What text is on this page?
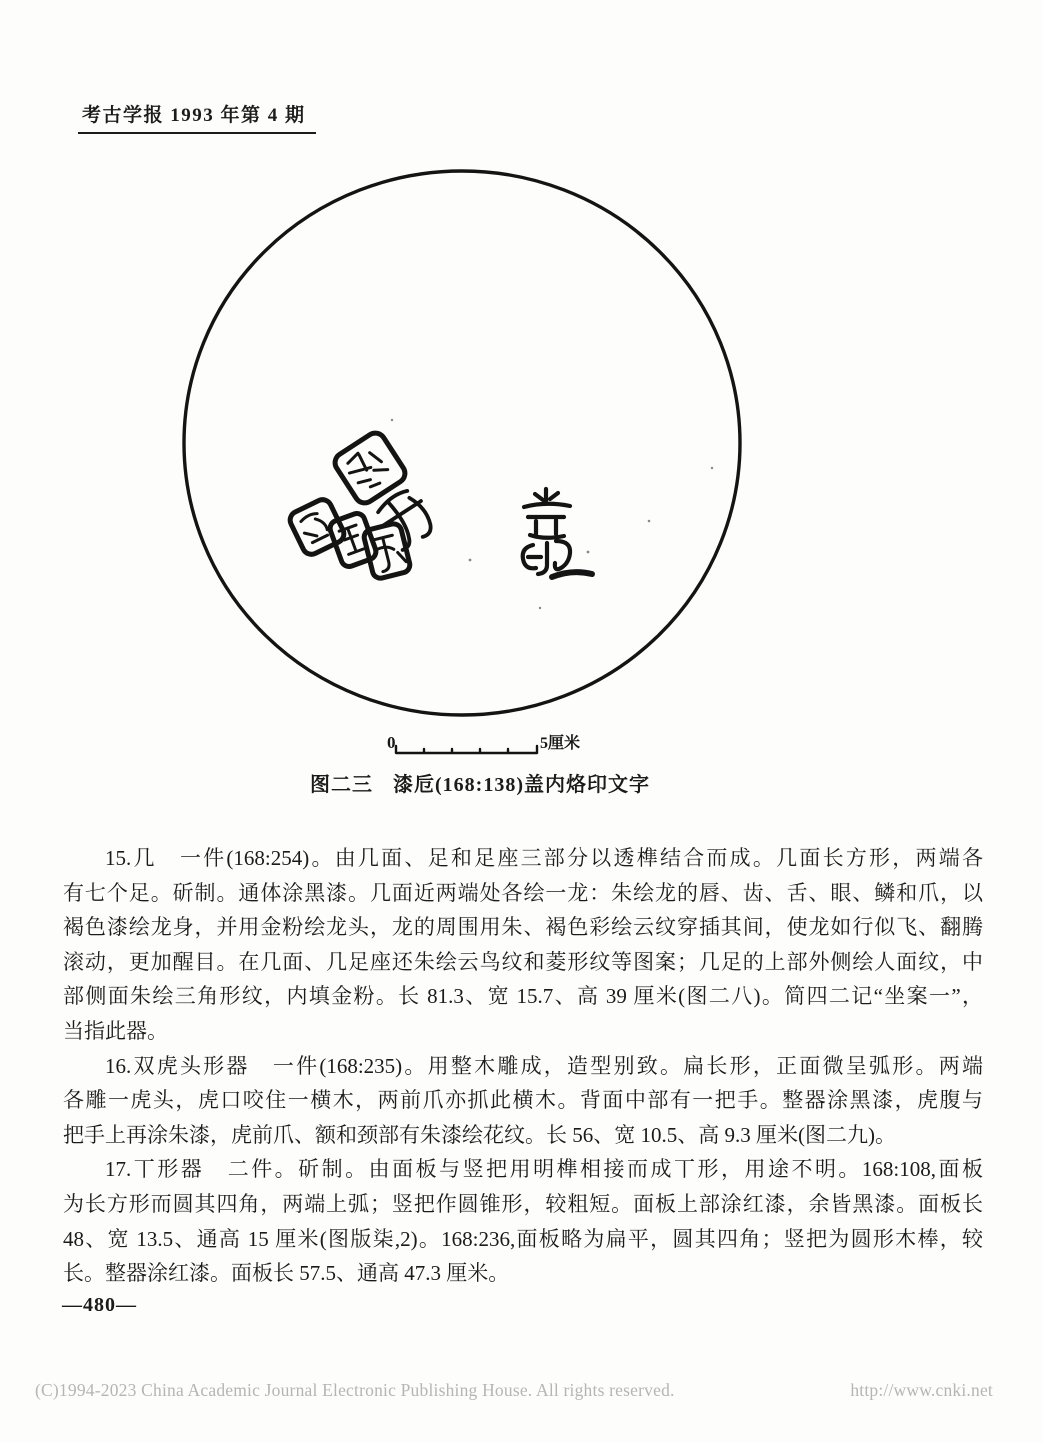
考古学报 1993 年第 4 期
0	5厘米
图二三 漆卮(168:138)盖内烙印文字
15.几　一件(168:254)。由几面、足和足座三部分以透榫结合而成。几面长方形，两端各
有七个足。斫制。通体涂黑漆。几面近两端处各绘一龙：朱绘龙的唇、齿、舌、眼、鳞和爪，以
褐色漆绘龙身，并用金粉绘龙头，龙的周围用朱、褐色彩绘云纹穿插其间，使龙如行似飞、翻腾
滚动，更加醒目。在几面、几足座还朱绘云鸟纹和菱形纹等图案；几足的上部外侧绘人面纹，中
部侧面朱绘三角形纹，内填金粉。长 81.3、宽 15.7、高 39 厘米(图二八)。简四二记“坐案一”，
当指此器。
16.双虎头形器　一件(168:235)。用整木雕成，造型别致。扁长形，正面微呈弧形。两端
各雕一虎头，虎口咬住一横木，两前爪亦抓此横木。背面中部有一把手。整器涂黑漆，虎腹与
把手上再涂朱漆，虎前爪、额和颈部有朱漆绘花纹。长 56、宽 10.5、高 9.3 厘米(图二九)。
17.丅形器　二件。斫制。由面板与竖把用明榫相接而成丅形，用途不明。168:108,面板
为长方形而圆其四角，两端上弧；竖把作圆锥形，较粗短。面板上部涂红漆，余皆黑漆。面板长
48、宽 13.5、通高 15 厘米(图版柒,2)。168:236,面板略为扁平，圆其四角；竖把为圆形木棒，较
长。整器涂红漆。面板长 57.5、通高 47.3 厘米。
—480—
(C)1994-2023 China Academic Journal Electronic Publishing House. All rights reserved.	http://www.cnki.net
